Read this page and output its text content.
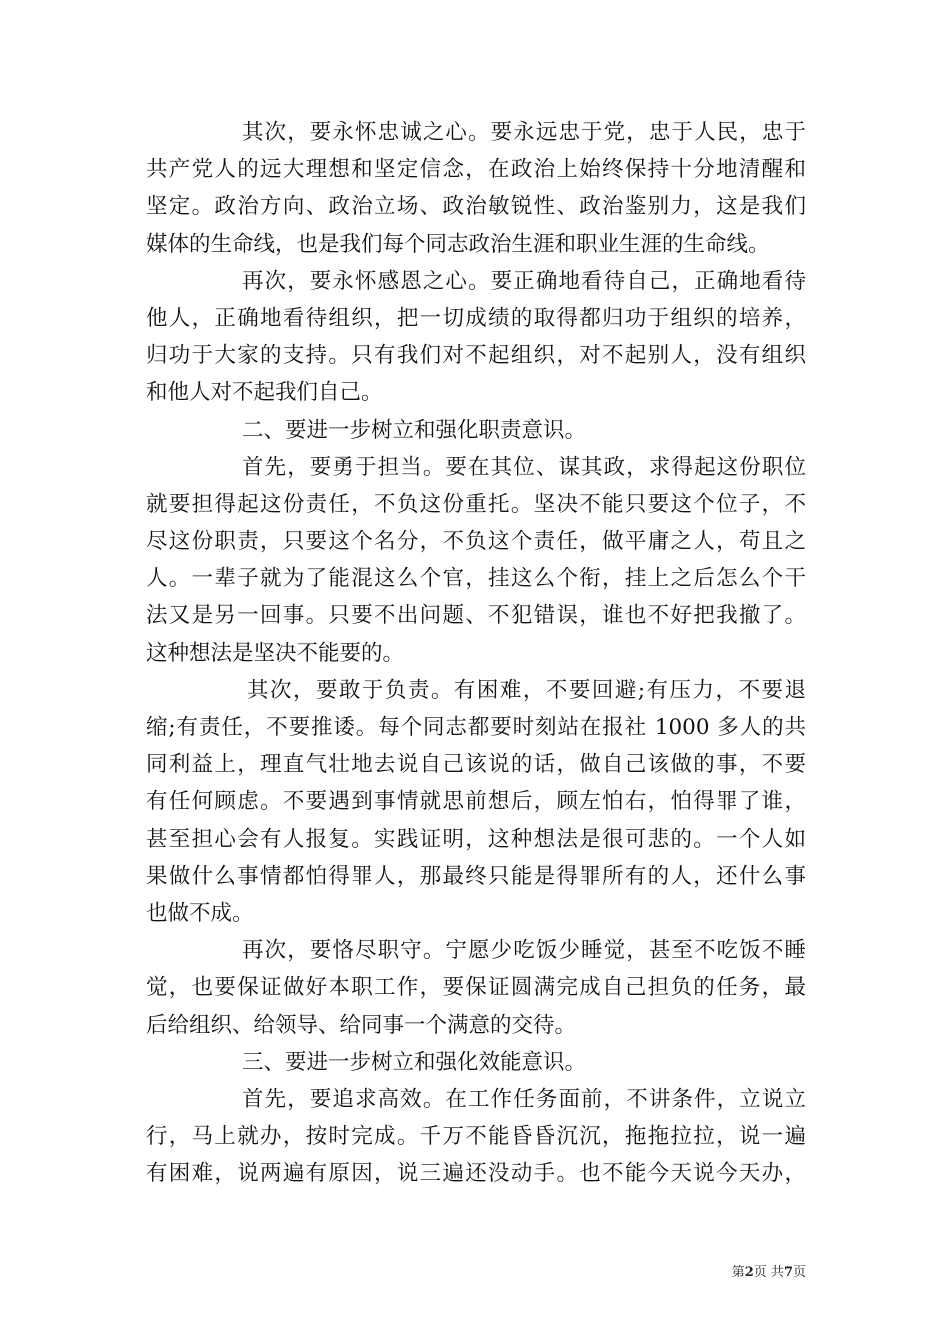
其次，要永怀忠诚之心。要永远忠于党，忠于人民，忠于
共产党人的远大理想和坚定信念，在政治上始终保持十分地清醒和
坚定。政治方向、政治立场、政治敏锐性、政治鉴别力，这是我们
媒体的生命线，也是我们每个同志政治生涯和职业生涯的生命线。
再次，要永怀感恩之心。要正确地看待自己，正确地看待
他人，正确地看待组织，把一切成绩的取得都归功于组织的培养，
归功于大家的支持。只有我们对不起组织，对不起别人，没有组织
和他人对不起我们自己。
二、要进一步树立和强化职责意识。
首先，要勇于担当。要在其位、谋其政，求得起这份职位
就要担得起这份责任，不负这份重托。坚决不能只要这个位子，不
尽这份职责，只要这个名分，不负这个责任，做平庸之人，苟且之
人。一辈子就为了能混这么个官，挂这么个衔，挂上之后怎么个干
法又是另一回事。只要不出问题、不犯错误，谁也不好把我撤了。
这种想法是坚决不能要的。
其次，要敢于负责。有困难，不要回避;有压力，不要退
缩;有责任，不要推诿。每个同志都要时刻站在报社 1000 多人的共
同利益上，理直气壮地去说自己该说的话，做自己该做的事，不要
有任何顾虑。不要遇到事情就思前想后，顾左怕右，怕得罪了谁，
甚至担心会有人报复。实践证明，这种想法是很可悲的。一个人如
果做什么事情都怕得罪人，那最终只能是得罪所有的人，还什么事
也做不成。
再次，要恪尽职守。宁愿少吃饭少睡觉，甚至不吃饭不睡
觉，也要保证做好本职工作，要保证圆满完成自己担负的任务，最
后给组织、给领导、给同事一个满意的交待。
三、要进一步树立和强化效能意识。
首先，要追求高效。在工作任务面前，不讲条件，立说立
行，马上就办，按时完成。千万不能昏昏沉沉，拖拖拉拉，说一遍
有困难，说两遍有原因，说三遍还没动手。也不能今天说今天办，
第2页 共7页
